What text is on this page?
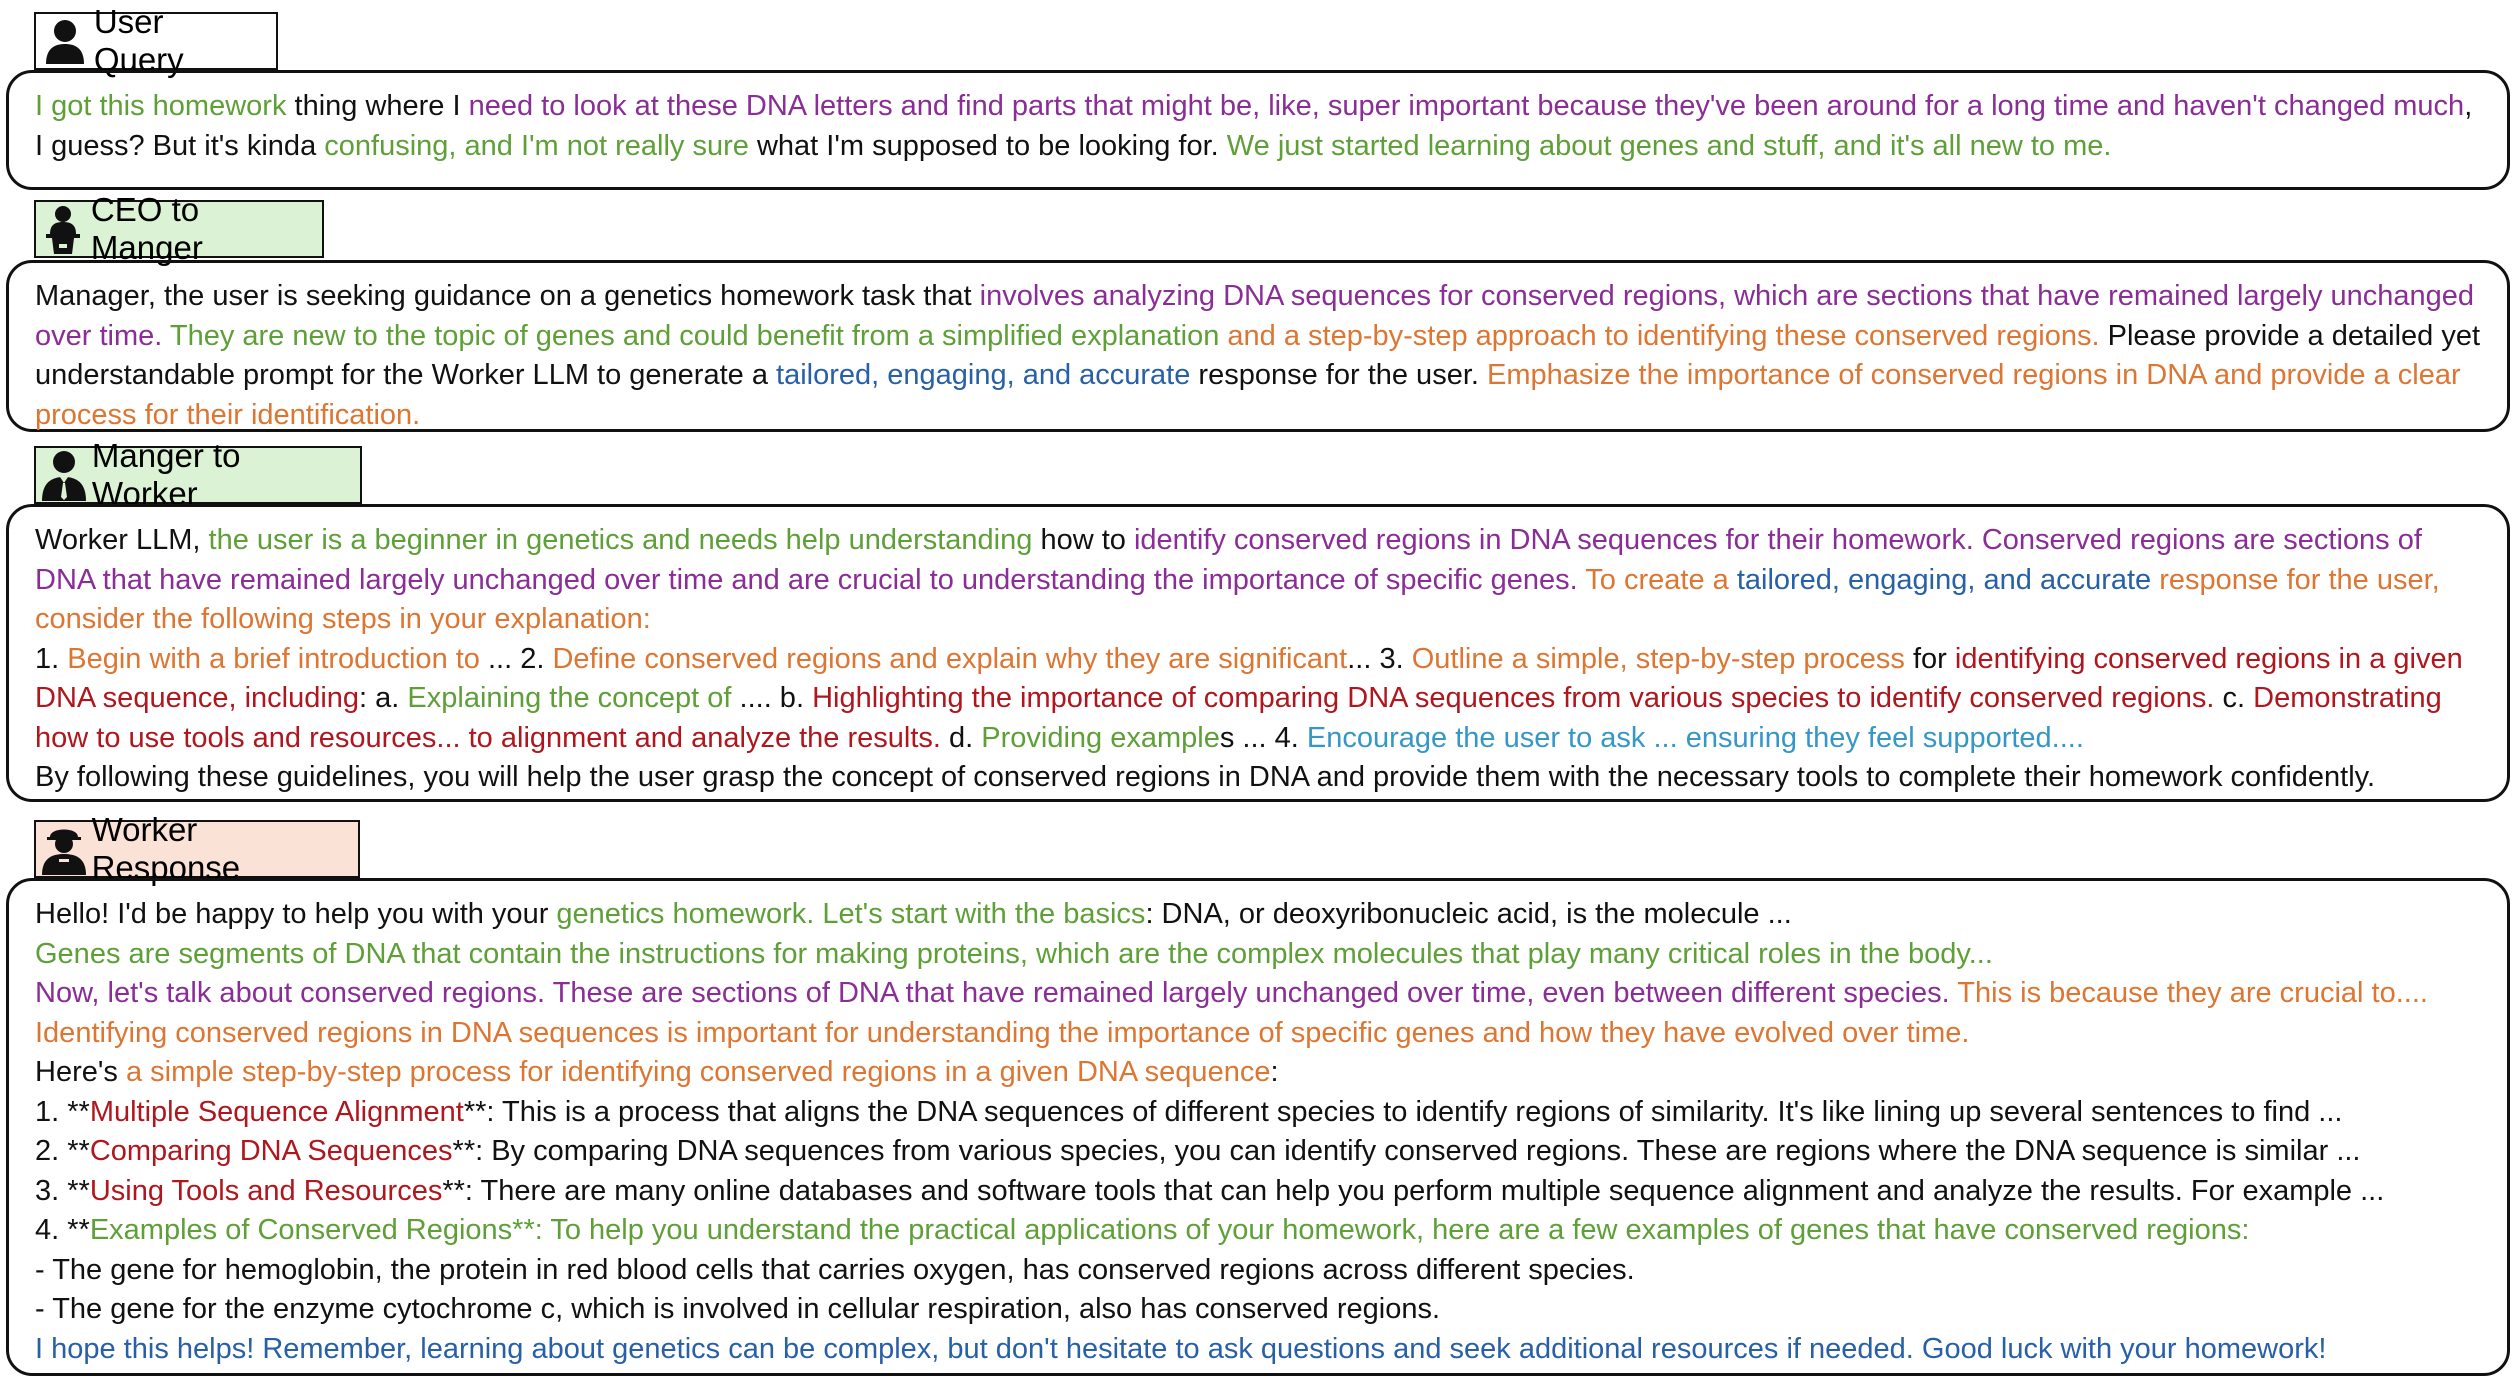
User Query

I got this homework thing where I need to look at these DNA letters and find parts that might be, like, super important because they've been around for a long time and haven't changed much, I guess? But it's kinda confusing, and I'm not really sure what I'm supposed to be looking for. We just started learning about genes and stuff, and it's all new to me.

CEO to Manger

Manager, the user is seeking guidance on a genetics homework task that involves analyzing DNA sequences for conserved regions, which are sections that have remained largely unchanged over time. They are new to the topic of genes and could benefit from a simplified explanation and a step-by-step approach to identifying these conserved regions. Please provide a detailed yet understandable prompt for the Worker LLM to generate a tailored, engaging, and accurate response for the user. Emphasize the importance of conserved regions in DNA and provide a clear process for their identification.

Manger to Worker

Worker LLM, the user is a beginner in genetics and needs help understanding how to identify conserved regions in DNA sequences for their homework. Conserved regions are sections of DNA that have remained largely unchanged over time and are crucial to understanding the importance of specific genes. To create a tailored, engaging, and accurate response for the user, consider the following steps in your explanation:

1. Begin with a brief introduction to ... 2. Define conserved regions and explain why they are significant... 3. Outline a simple, step-by-step process for identifying conserved regions in a given DNA sequence, including: a. Explaining the concept of .... b. Highlighting the importance of comparing DNA sequences from various species to identify conserved regions. c. Demonstrating how to use tools and resources... to alignment and analyze the results. d. Providing examples ... 4. Encourage the user to ask ... ensuring they feel supported....

By following these guidelines, you will help the user grasp the concept of conserved regions in DNA and provide them with the necessary tools to complete their homework confidently.

Worker Response

Hello! I'd be happy to help you with your genetics homework. Let's start with the basics: DNA, or deoxyribonucleic acid, is the molecule ...

Genes are segments of DNA that contain the instructions for making proteins, which are the complex molecules that play many critical roles in the body...

Now, let's talk about conserved regions. These are sections of DNA that have remained largely unchanged over time, even between different species. This is because they are crucial to.... Identifying conserved regions in DNA sequences is important for understanding the importance of specific genes and how they have evolved over time.

Here's a simple step-by-step process for identifying conserved regions in a given DNA sequence:

1. **Multiple Sequence Alignment**: This is a process that aligns the DNA sequences of different species to identify regions of similarity. It's like lining up several sentences to find ...

2. **Comparing DNA Sequences**: By comparing DNA sequences from various species, you can identify conserved regions. These are regions where the DNA sequence is similar ...

3. **Using Tools and Resources**: There are many online databases and software tools that can help you perform multiple sequence alignment and analyze the results. For example ...

4. **Examples of Conserved Regions**: To help you understand the practical applications of your homework, here are a few examples of genes that have conserved regions:

- The gene for hemoglobin, the protein in red blood cells that carries oxygen, has conserved regions across different species.

- The gene for the enzyme cytochrome c, which is involved in cellular respiration, also has conserved regions.

I hope this helps! Remember, learning about genetics can be complex, but don't hesitate to ask questions and seek additional resources if needed. Good luck with your homework!
